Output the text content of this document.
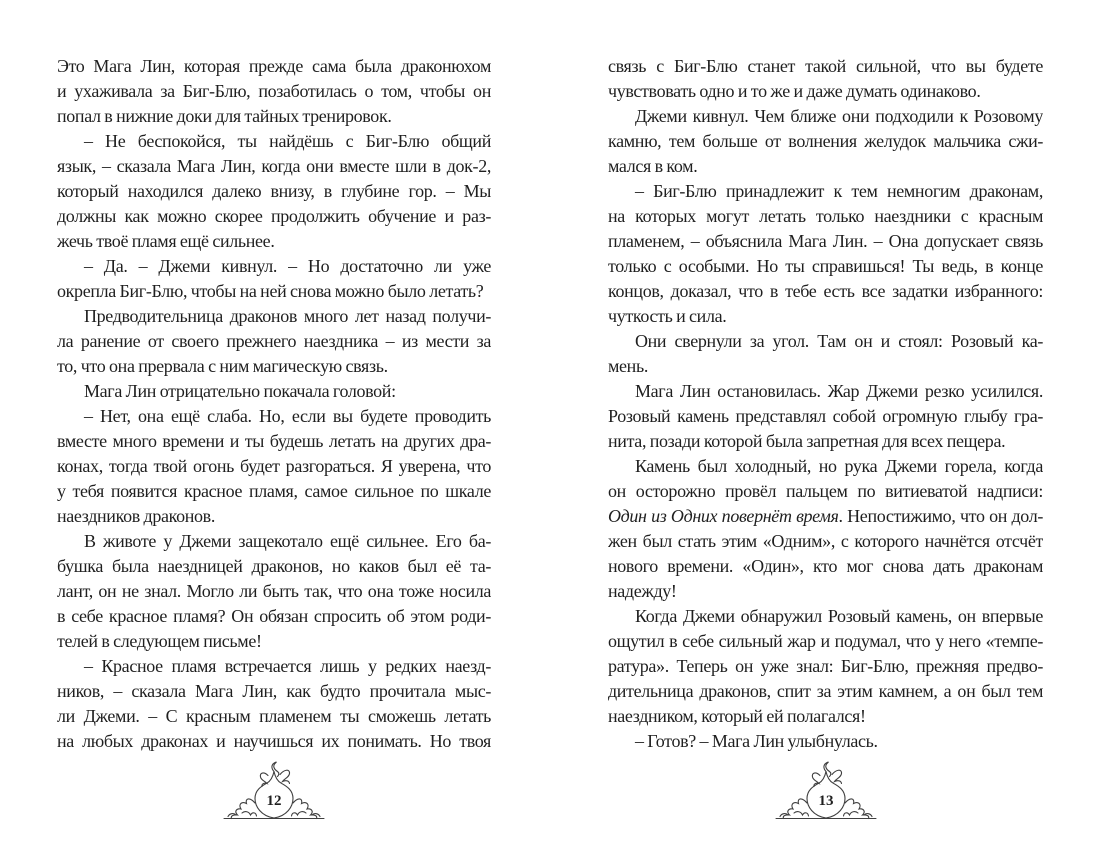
Это Мага Лин, которая прежде сама была драконюхом
и ухаживала за Биг-Блю, позаботилась о том, чтобы он
попал в нижние доки для тайных тренировок.
– Не беспокойся, ты найдёшь с Биг-Блю общий
язык, – сказала Мага Лин, когда они вместе шли в док-2,
который находился далеко внизу, в глубине гор. – Мы
должны как можно скорее продолжить обучение и раз-
жечь твоё пламя ещё сильнее.
– Да. – Джеми кивнул. – Но достаточно ли уже
окрепла Биг-Блю, чтобы на ней снова можно было летать?
Предводительница драконов много лет назад получи-
ла ранение от своего прежнего наездника – из мести за
то, что она прервала с ним магическую связь.
Мага Лин отрицательно покачала головой:
– Нет, она ещё слаба. Но, если вы будете проводить
вместе много времени и ты будешь летать на других дра-
конах, тогда твой огонь будет разгораться. Я уверена, что
у тебя появится красное пламя, самое сильное по шкале
наездников драконов.
В животе у Джеми защекотало ещё сильнее. Его ба-
бушка была наездницей драконов, но каков был её та-
лант, он не знал. Могло ли быть так, что она тоже носила
в себе красное пламя? Он обязан спросить об этом роди-
телей в следующем письме!
– Красное пламя встречается лишь у редких наезд-
ников, – сказала Мага Лин, как будто прочитала мыс-
ли Джеми. – С красным пламенем ты сможешь летать
на любых драконах и научишься их понимать. Но твоя
12
связь с Биг-Блю станет такой сильной, что вы будете
чувствовать одно и то же и даже думать одинаково.
Джеми кивнул. Чем ближе они подходили к Розовому
камню, тем больше от волнения желудок мальчика сжи-
мался в ком.
– Биг-Блю принадлежит к тем немногим драконам,
на которых могут летать только наездники с красным
пламенем, – объяснила Мага Лин. – Она допускает связь
только с особыми. Но ты справишься! Ты ведь, в конце
концов, доказал, что в тебе есть все задатки избранного:
чуткость и сила.
Они свернули за угол. Там он и стоял: Розовый ка-
мень.
Мага Лин остановилась. Жар Джеми резко усилился.
Розовый камень представлял собой огромную глыбу гра-
нита, позади которой была запретная для всех пещера.
Камень был холодный, но рука Джеми горела, когда
он осторожно провёл пальцем по витиеватой надписи:
Один из Одних повернёт время. Непостижимо, что он дол-
жен был стать этим «Одним», с которого начнётся отсчёт
нового времени. «Один», кто мог снова дать драконам
надежду!
Когда Джеми обнаружил Розовый камень, он впервые
ощутил в себе сильный жар и подумал, что у него «темпе-
ратура». Теперь он уже знал: Биг-Блю, прежняя предво-
дительница драконов, спит за этим камнем, а он был тем
наездником, который ей полагался!
– Готов? – Мага Лин улыбнулась.
13
